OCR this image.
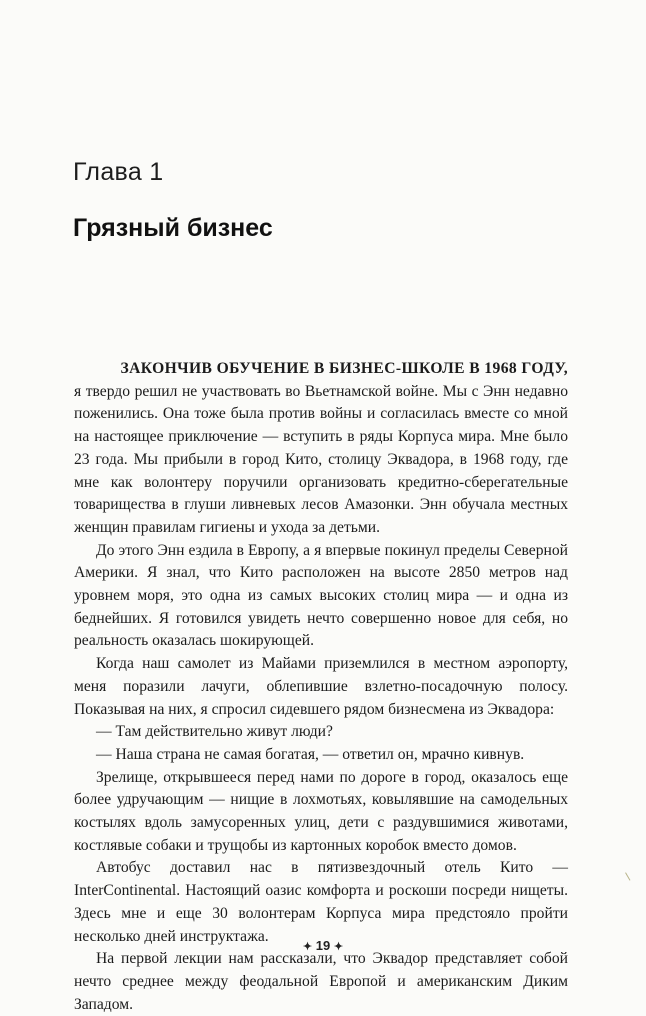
Глава 1
Грязный бизнес
ЗАКОНЧИВ ОБУЧЕНИЕ В БИЗНЕС-ШКОЛЕ В 1968 ГОДУ,

я твердо решил не участвовать во Вьетнамской войне. Мы с Энн недавно поженились. Она тоже была против войны и согласилась вместе со мной на настоящее приключение — вступить в ряды Корпуса мира. Мне было 23 года. Мы прибыли в город Кито, столицу Эквадора, в 1968 году, где мне как волонтеру поручили организовать кредитно-сберегательные товарищества в глуши ливневых лесов Амазонки. Энн обучала местных женщин правилам гигиены и ухода за детьми.

До этого Энн ездила в Европу, а я впервые покинул пределы Северной Америки. Я знал, что Кито расположен на высоте 2850 метров над уровнем моря, это одна из самых высоких столиц мира — и одна из беднейших. Я готовился увидеть нечто совершенно новое для себя, но реальность оказалась шокирующей.

Когда наш самолет из Майами приземлился в местном аэропорту, меня поразили лачуги, облепившие взлетно-посадочную полосу. Показывая на них, я спросил сидевшего рядом бизнесмена из Эквадора:

— Там действительно живут люди?

— Наша страна не самая богатая, — ответил он, мрачно кивнув.

Зрелище, открывшееся перед нами по дороге в город, оказалось еще более удручающим — нищие в лохмотьях, ковылявшие на самодельных костылях вдоль замусоренных улиц, дети с раздувшимися животами, костлявые собаки и трущобы из картонных коробок вместо домов.

Автобус доставил нас в пятизвездочный отель Кито — InterContinental. Настоящий оазис комфорта и роскоши посреди нищеты. Здесь мне и еще 30 волонтерам Корпуса мира предстояло пройти несколько дней инструктажа.

На первой лекции нам рассказали, что Эквадор представляет собой нечто среднее между феодальной Европой и американским Диким Западом.

✦ 19 ✦
